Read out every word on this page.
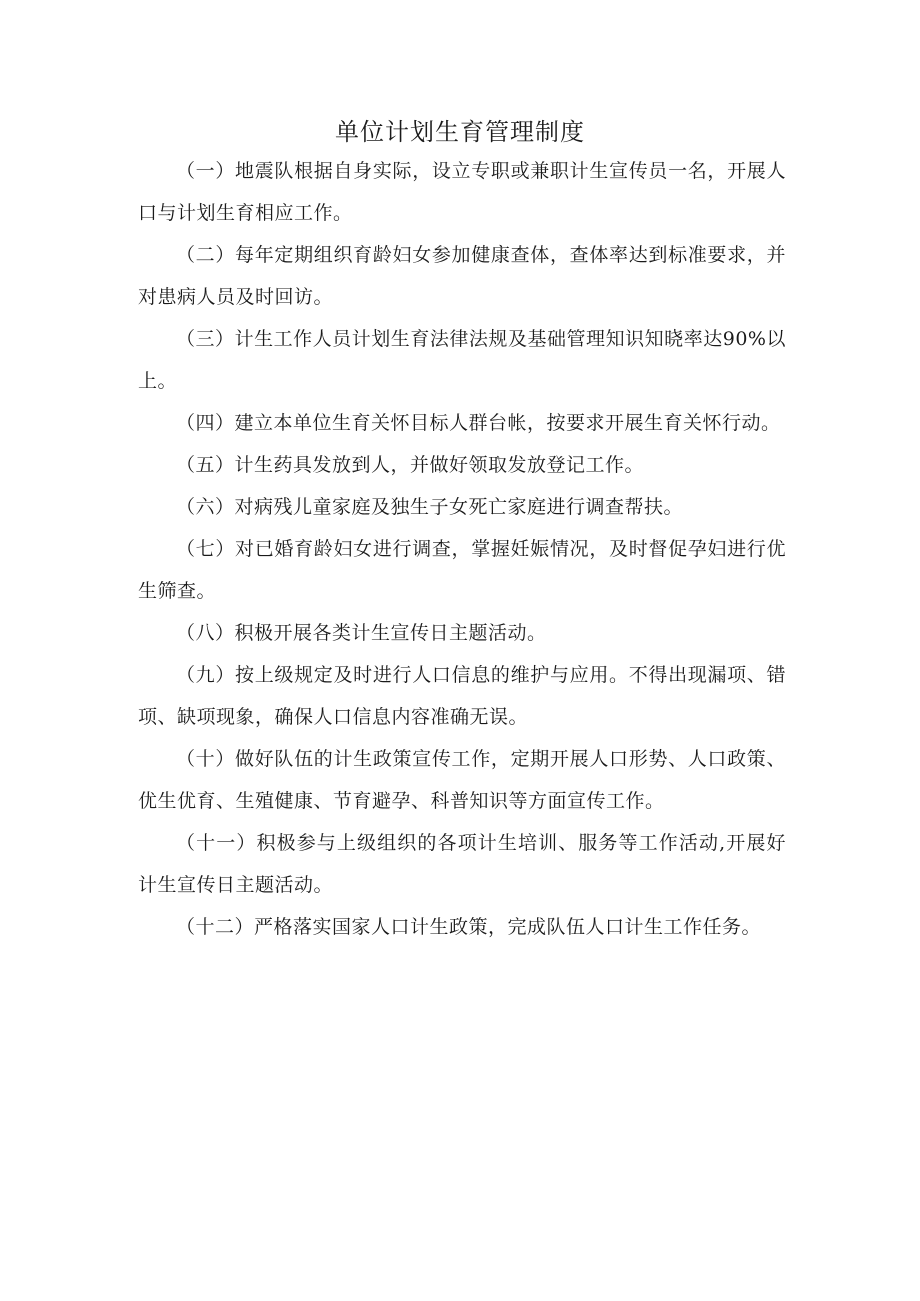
单位计划生育管理制度

（一）地震队根据自身实际，设立专职或兼职计生宣传员一名，开展人口与计划生育相应工作。

（二）每年定期组织育龄妇女参加健康查体，查体率达到标准要求，并对患病人员及时回访。

（三）计生工作人员计划生育法律法规及基础管理知识知晓率达90%以上。

（四）建立本单位生育关怀目标人群台帐，按要求开展生育关怀行动。

（五）计生药具发放到人，并做好领取发放登记工作。

（六）对病残儿童家庭及独生子女死亡家庭进行调查帮扶。

（七）对已婚育龄妇女进行调查，掌握妊娠情况，及时督促孕妇进行优生筛查。

（八）积极开展各类计生宣传日主题活动。

（九）按上级规定及时进行人口信息的维护与应用。不得出现漏项、错项、缺项现象，确保人口信息内容准确无误。

（十）做好队伍的计生政策宣传工作，定期开展人口形势、人口政策、优生优育、生殖健康、节育避孕、科普知识等方面宣传工作。

（十一）积极参与上级组织的各项计生培训、服务等工作活动,开展好计生宣传日主题活动。

（十二）严格落实国家人口计生政策，完成队伍人口计生工作任务。
